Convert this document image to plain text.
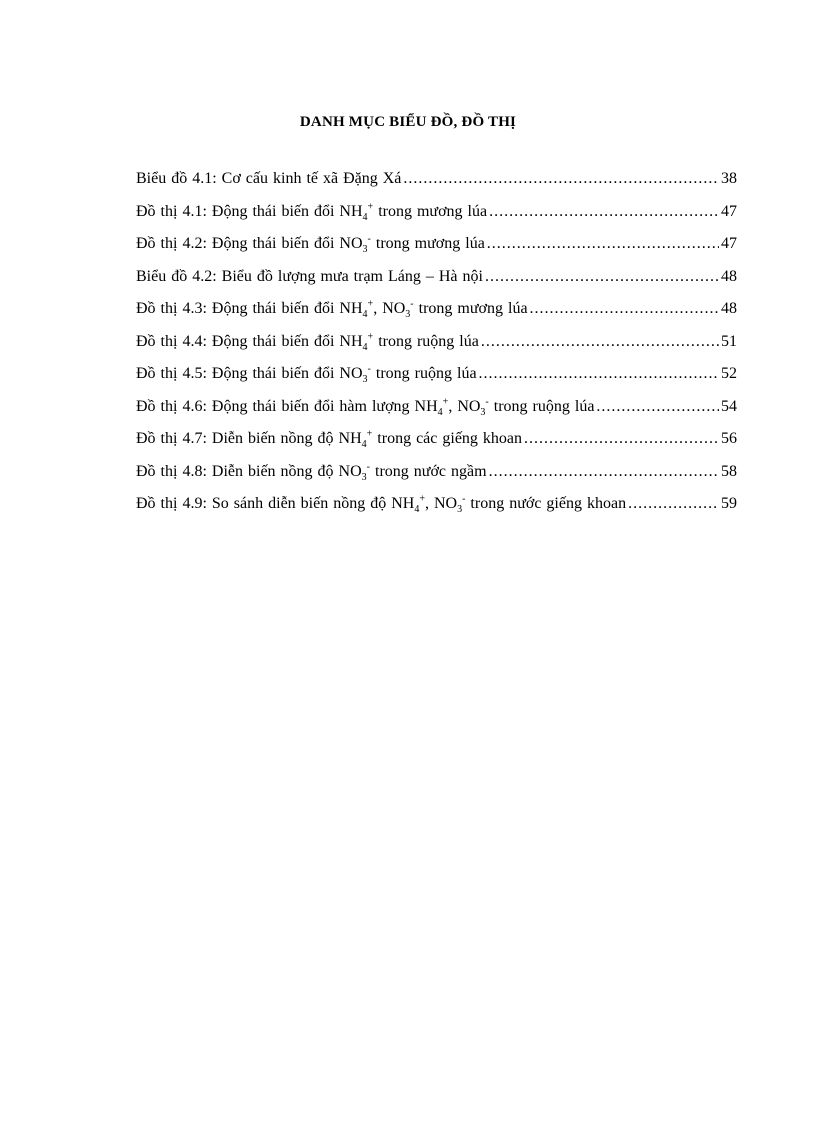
DANH MỤC BIỂU ĐỒ, ĐỒ THỊ
Biểu đồ 4.1: Cơ cấu kinh tế xã Đặng Xá .....	38
Đồ thị 4.1: Động thái biến đổi $NH_4^+$ trong mương lúa .....	47
Đồ thị 4.2: Động thái biến đổi $NO_3^-$ trong mương lúa .....	47
Biểu đồ 4.2: Biểu đồ lượng mưa trạm Láng – Hà nội .....	48
Đồ thị 4.3: Động thái biến đổi $NH_4^+$, $NO_3^-$ trong mương lúa .....	48
Đồ thị 4.4: Động thái biến đổi $NH_4^+$ trong ruộng lúa .....	51
Đồ thị 4.5: Động thái biến đổi $NO_3^-$ trong ruộng lúa .....	52
Đồ thị 4.6: Động thái biến đổi hàm lượng $NH_4^+$, $NO_3^-$ trong ruộng lúa .....	54
Đồ thị 4.7: Diễn biến nồng độ $NH_4^+$ trong các giếng khoan .....	56
Đồ thị 4.8: Diễn biến nồng độ $NO_3^-$ trong nước ngầm .....	58
Đồ thị 4.9: So sánh diễn biến nồng độ $NH_4^+$, $NO_3^-$ trong nước giếng khoan .....	59
